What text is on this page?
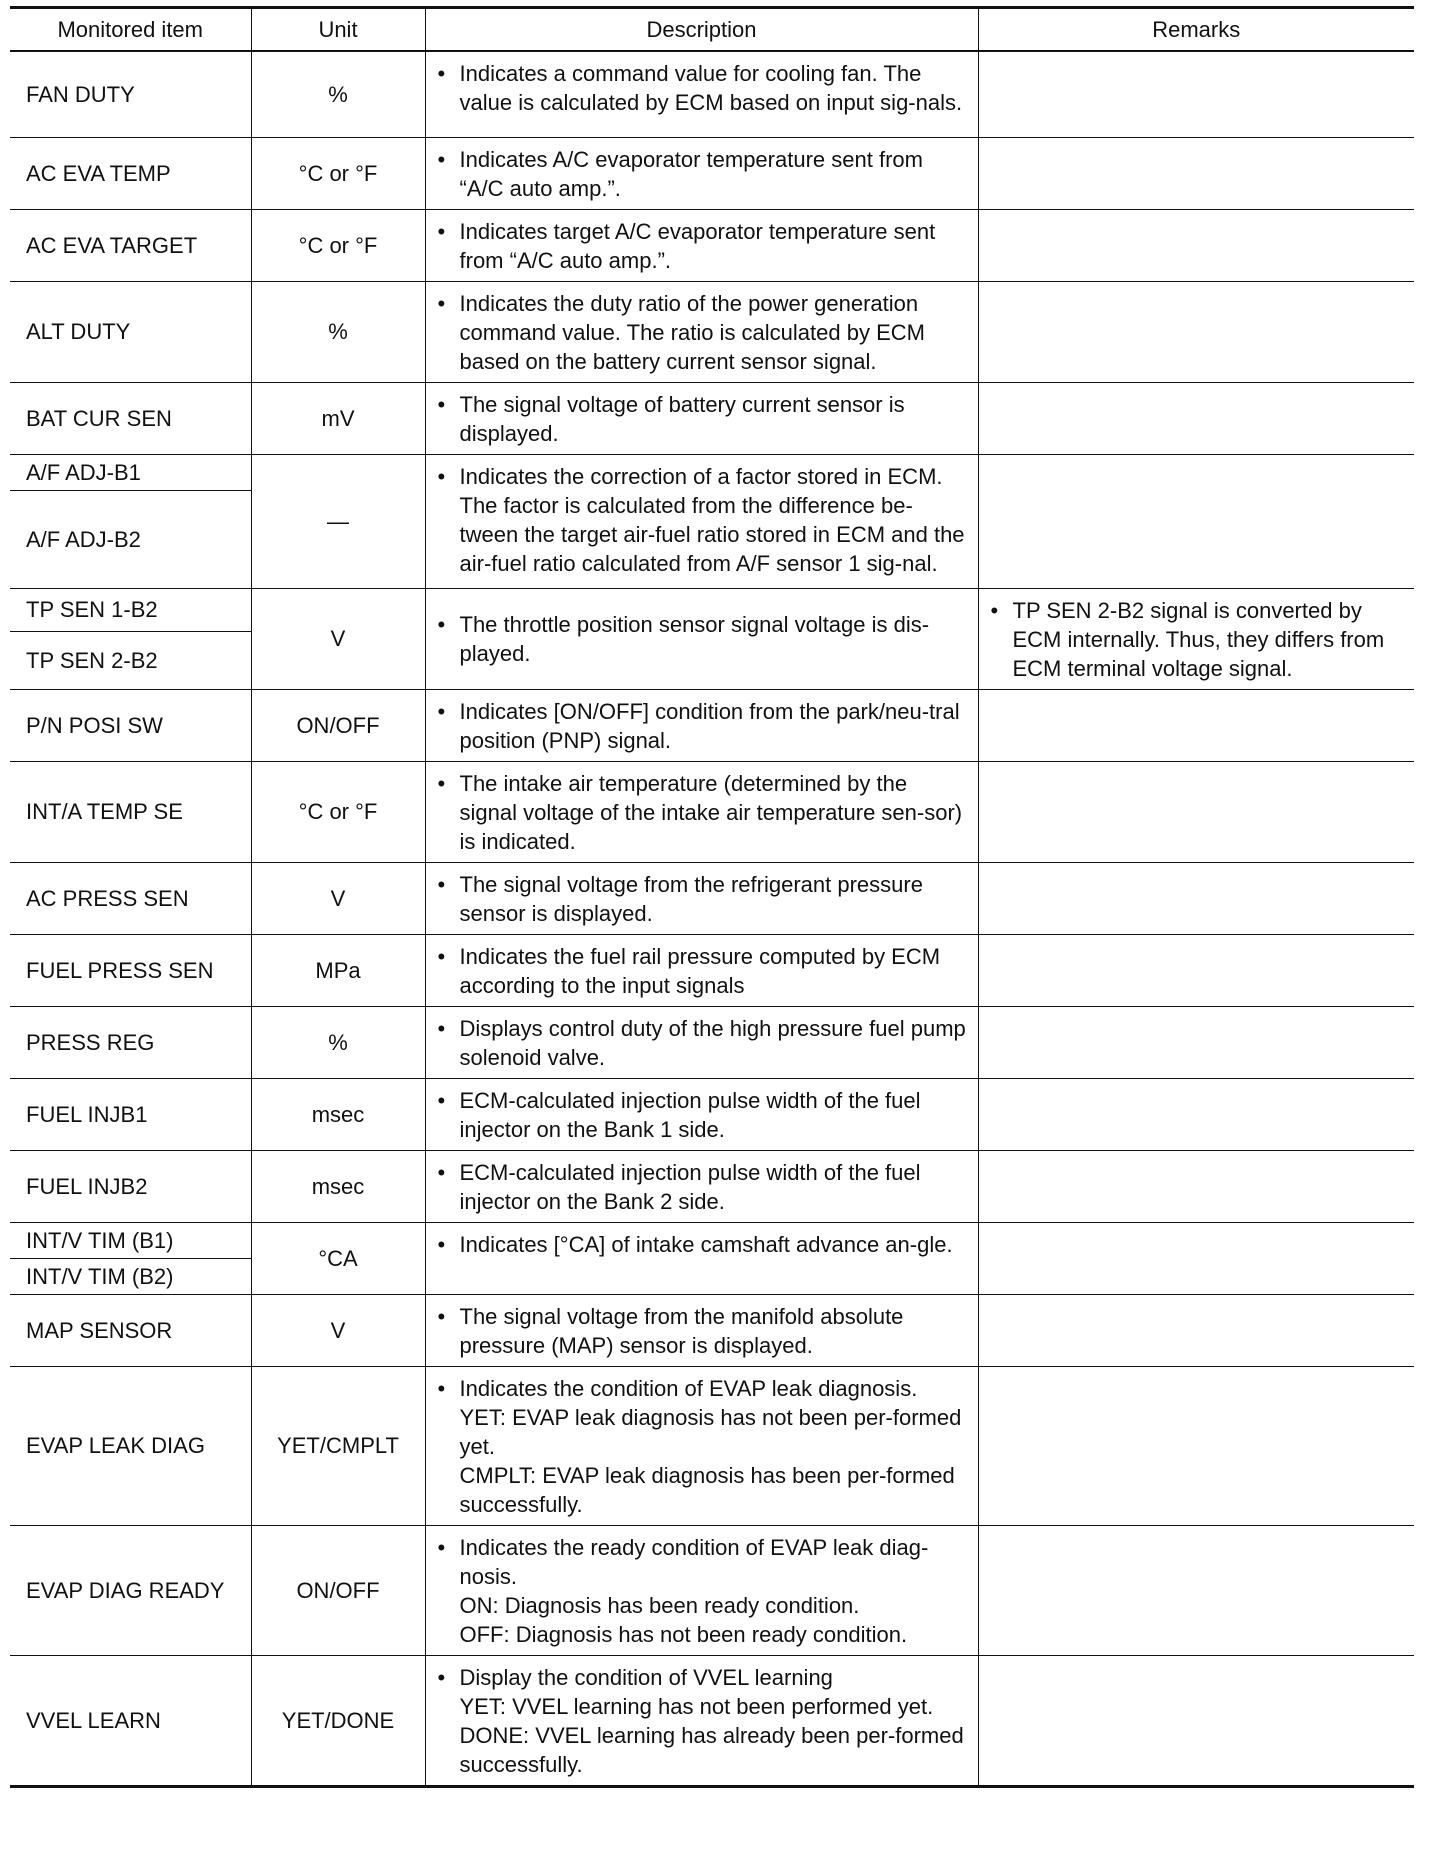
Monitored item	Unit	Description	Remarks
FAN DUTY	%	• Indicates a command value for cooling fan. The value is calculated by ECM based on input sig-nals.

AC EVA TEMP	°C or °F	• Indicates A/C evaporator temperature sent from “A/C auto amp.”.

AC EVA TARGET	°C or °F	• Indicates target A/C evaporator temperature sent from “A/C auto amp.”.

ALT DUTY	%	• Indicates the duty ratio of the power generation command value. The ratio is calculated by ECM based on the battery current sensor signal.

BAT CUR SEN	mV	• The signal voltage of battery current sensor is displayed.

A/F ADJ-B1	—	• Indicates the correction of a factor stored in ECM. The factor is calculated from the difference be-tween the target air-fuel ratio stored in ECM and the air-fuel ratio calculated from A/F sensor 1 sig-nal.

A/F ADJ-B2			
TP SEN 1-B2	V	• The throttle position sensor signal voltage is dis-played.	• TP SEN 2-B2 signal is converted by ECM internally. Thus, they differs from ECM terminal voltage signal.

TP SEN 2-B2			
P/N POSI SW	ON/OFF	• Indicates [ON/OFF] condition from the park/neu-tral position (PNP) signal.

INT/A TEMP SE	°C or °F	• The intake air temperature (determined by the signal voltage of the intake air temperature sen-sor) is indicated.

AC PRESS SEN	V	• The signal voltage from the refrigerant pressure sensor is displayed.

FUEL PRESS SEN	MPa	• Indicates the fuel rail pressure computed by ECM according to the input signals

PRESS REG	%	• Displays control duty of the high pressure fuel pump solenoid valve.

FUEL INJB1	msec	• ECM-calculated injection pulse width of the fuel injector on the Bank 1 side.

FUEL INJB2	msec	• ECM-calculated injection pulse width of the fuel injector on the Bank 2 side.

INT/V TIM (B1)	°CA	• Indicates [°CA] of intake camshaft advance an-gle.

INT/V TIM (B2)			
MAP SENSOR	V	• The signal voltage from the manifold absolute pressure (MAP) sensor is displayed.

EVAP LEAK DIAG	YET/CMPLT	• Indicates the condition of EVAP leak diagnosis.
YET: EVAP leak diagnosis has not been per-formed yet.
CMPLT: EVAP leak diagnosis has been per-formed successfully.

EVAP DIAG READY	ON/OFF	• Indicates the ready condition of EVAP leak diag-nosis.
ON: Diagnosis has been ready condition.
OFF: Diagnosis has not been ready condition.

VVEL LEARN	YET/DONE	• Display the condition of VVEL learning
YET: VVEL learning has not been performed yet.
DONE: VVEL learning has already been per-formed successfully.
